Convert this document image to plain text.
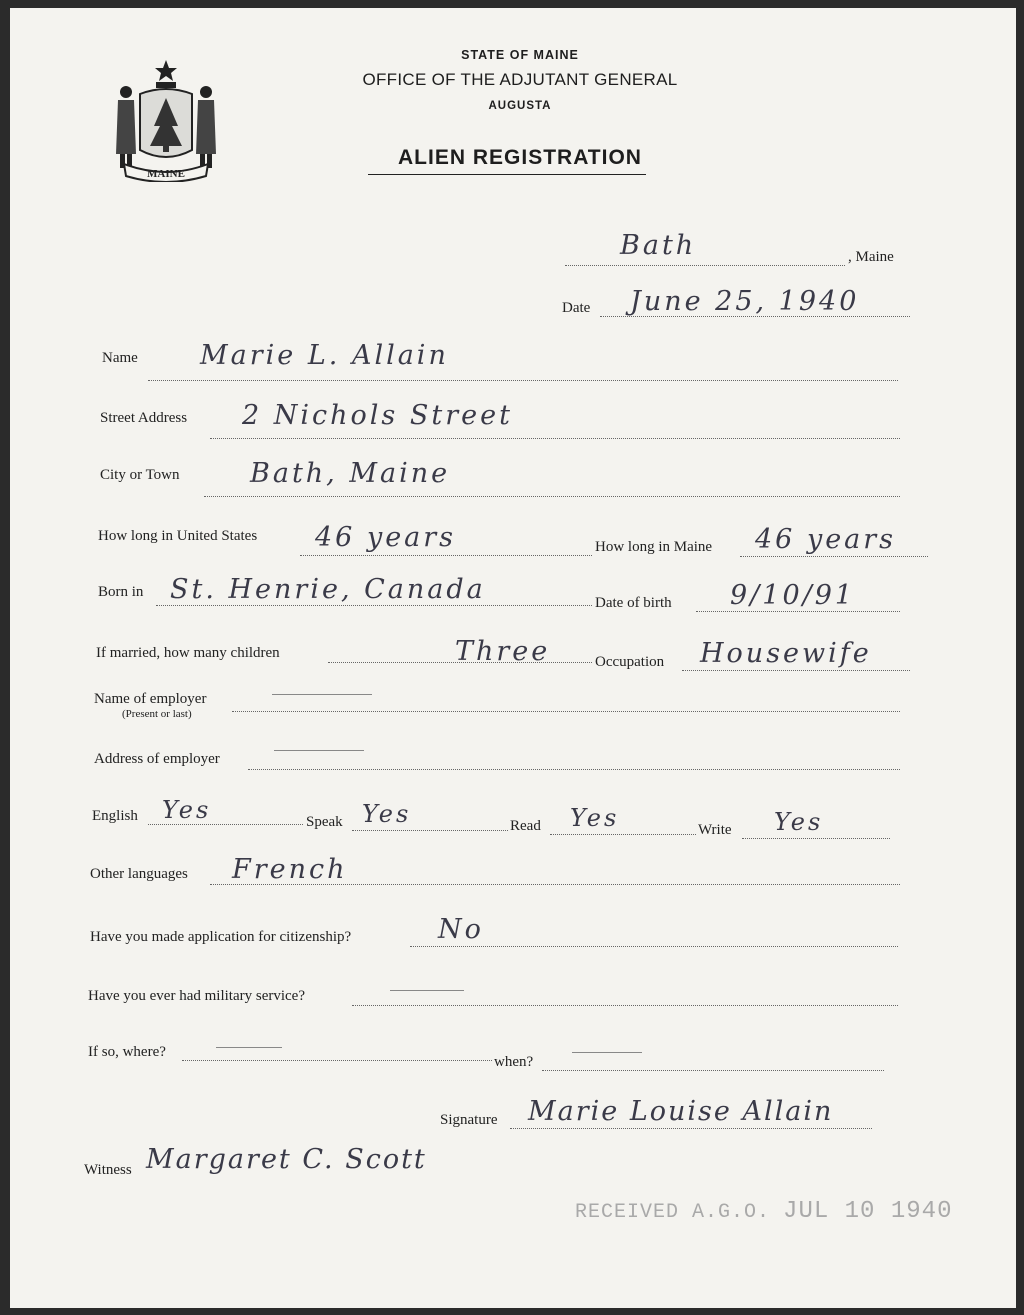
MAINE
STATE OF MAINE
OFFICE OF THE ADJUTANT GENERAL
AUGUSTA
ALIEN REGISTRATION
Bath	, Maine
Date June 25, 1940
Name Marie L. Allain
Street Address 2 Nichols Street
City or Town	Bath, Maine
How long in United States 46 years	How long in Maine 46 years
Born in St. Henrie, Canada	Date of birth 9/10/91
If married, how many children	Three	Occupation Housewife
Name of employer
(Present or last)
Address of employer
English Yes	Speak Yes	Read Yes	Write Yes
Other languages French
Have you made application for citizenship?	No
Have you ever had military service?
If so, where?
when?
Signature Marie Louise Allain
Witness Margaret C. Scott
RECEIVED A.G.O. JUL 10 1940
